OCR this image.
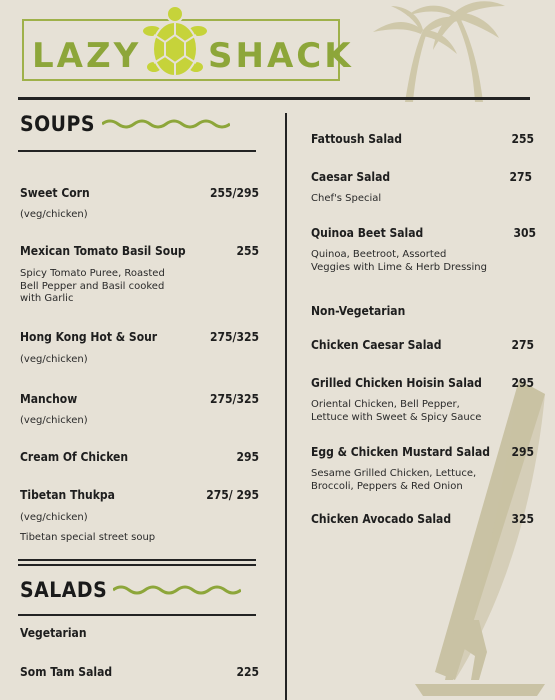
LAZY SHACK
SOUPS
Sweet Corn	255/295
(veg/chicken)
Mexican Tomato Basil Soup	255
Spicy Tomato Puree, Roasted
Bell Pepper and Basil cooked
with Garlic
Hong Kong Hot & Sour	275/325
(veg/chicken)
Manchow	275/325
(veg/chicken)
Cream Of Chicken	295
Tibetan Thukpa	275/ 295
(veg/chicken)
Tibetan special street soup
SALADS
Vegetarian
Som Tam Salad	225
Fattoush Salad	255
Caesar Salad	275
Chef's Special
Quinoa Beet Salad	305
Quinoa, Beetroot, Assorted
Veggies with Lime & Herb Dressing
Non-Vegetarian
Chicken Caesar Salad	275
Grilled Chicken Hoisin Salad 295
Oriental Chicken, Bell Pepper,
Lettuce with Sweet & Spicy Sauce
Egg & Chicken Mustard Salad 295
Sesame Grilled Chicken, Lettuce,
Broccoli, Peppers & Red Onion
Chicken Avocado Salad	325
